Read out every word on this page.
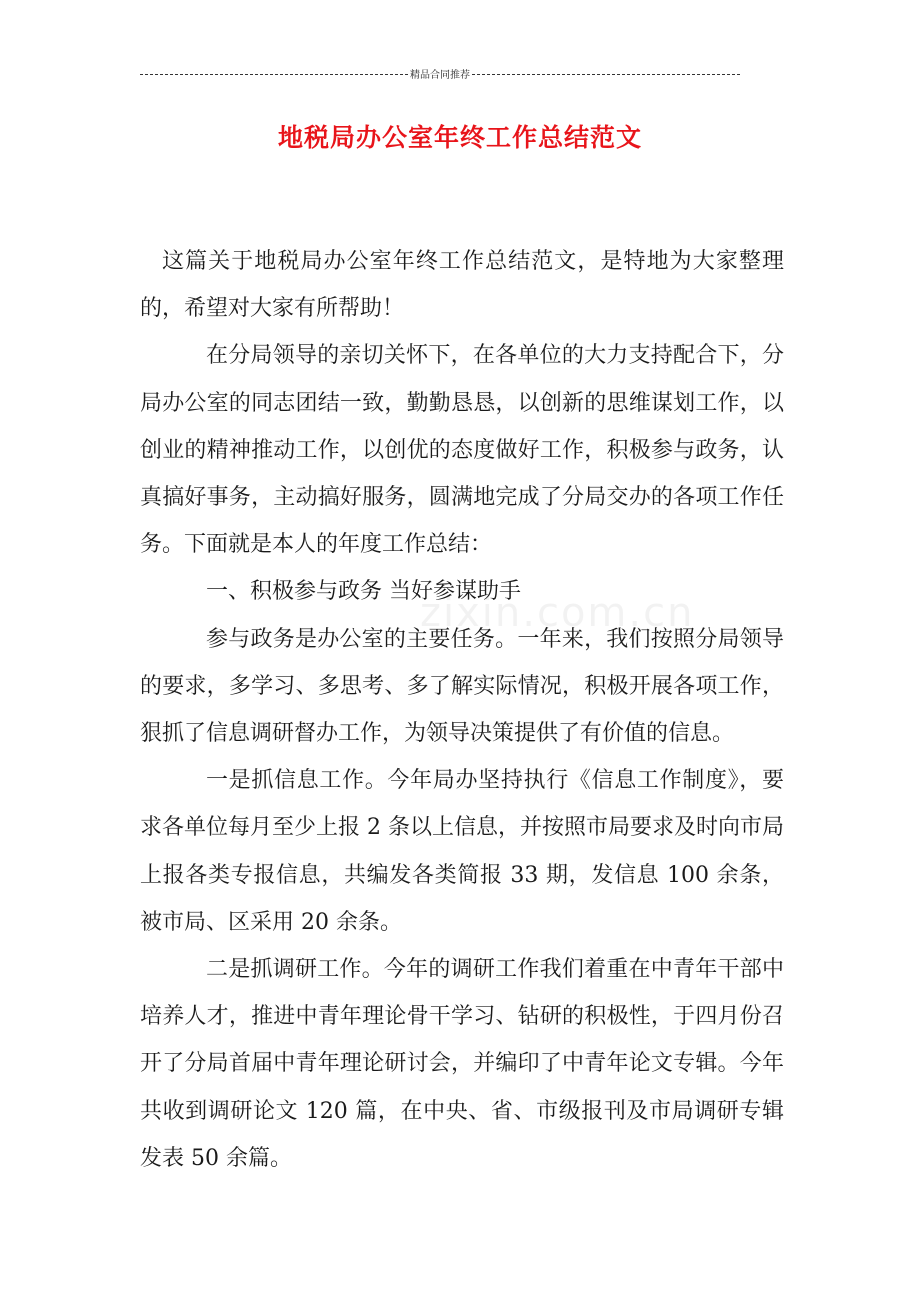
精品合同推荐
地税局办公室年终工作总结范文
zixin.com.cn

这篇关于地税局办公室年终工作总结范文，是特地为大家整理的，希望对大家有所帮助！

在分局领导的亲切关怀下，在各单位的大力支持配合下，分局办公室的同志团结一致，勤勤恳恳，以创新的思维谋划工作，以创业的精神推动工作，以创优的态度做好工作，积极参与政务，认真搞好事务，主动搞好服务，圆满地完成了分局交办的各项工作任务。下面就是本人的年度工作总结：

一、积极参与政务 当好参谋助手

参与政务是办公室的主要任务。一年来，我们按照分局领导的要求，多学习、多思考、多了解实际情况，积极开展各项工作，狠抓了信息调研督办工作，为领导决策提供了有价值的信息。

一是抓信息工作。今年局办坚持执行《信息工作制度》，要求各单位每月至少上报 2 条以上信息，并按照市局要求及时向市局上报各类专报信息，共编发各类简报 33 期，发信息 100 余条，被市局、区采用 20 余条。

二是抓调研工作。今年的调研工作我们着重在中青年干部中培养人才，推进中青年理论骨干学习、钻研的积极性，于四月份召开了分局首届中青年理论研讨会，并编印了中青年论文专辑。今年共收到调研论文 120 篇，在中央、省、市级报刊及市局调研专辑发表 50 余篇。
